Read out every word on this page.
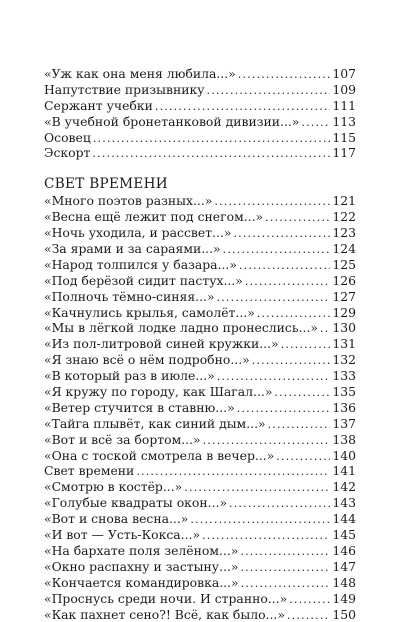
«Уж как она меня любила...» .....	107
Напутствие призывнику .....	109
Сержант учебки .....	111
«В учебной бронетанковой дивизии...» .....	113
Осовец .....	115
Эскорт .....	117
СВЕТ ВРЕМЕНИ
«Много поэтов разных...» .....	121
«Весна ещё лежит под снегом...» .....	122
«Ночь уходила, и рассвет...» .....	123
«За ярами и за сараями...» .....	124
«Народ толпился у базара...» .....	125
«Под берёзой сидит пастух...» .....	126
«Полночь тёмно-синяя...» .....	127
«Качнулись крылья, самолёт...» .....	129
«Мы в лёгкой лодке ладно пронеслись...» ..... 130
«Из пол-литровой синей кружки...» .....	131
«Я знаю всё о нём подробно...» .....	132
«В который раз в июле...» .....	133
«Я кружу по городу, как Шагал...» .....	135
«Ветер стучится в ставню...» .....	136
«Тайга плывёт, как синий дым...» .....	137
«Вот и всё за бортом...» .....	138
«Она с тоской смотрела в вечер...» .....	140
Свет времени .....	141
«Смотрю в костёр...» .....	142
«Голубые квадраты окон...» .....	143
«Вот и снова весна...» .....	144
«И вот — Усть-Кокса...» .....	145
«На бархате поля зелёном...» .....	146
«Окно распахну и застыну...» .....	147
«Кончается командировка...» .....	148
«Проснусь среди ночи. И странно...» .....	149
«Как пахнет сено?! Всё, как было...» .....	150
